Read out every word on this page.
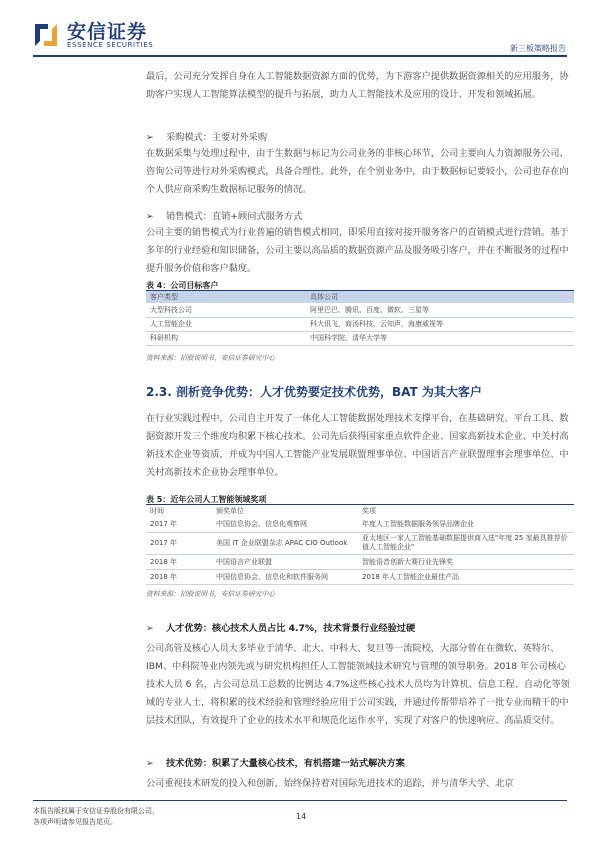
安信证券
ESSENCE SECURITIES	新三板策略报告
最后，公司充分发挥自身在人工智能数据资源方面的优势，为下游客户提供数据资源相关的应用服务，协助客户实现人工智能算法模型的提升与拓展，助力人工智能技术及应用的设计、开发和领域拓展。
➢ 采购模式：主要对外采购
在数据采集与处理过程中，由于生数据与标记为公司业务的非核心环节，公司主要向人力资源服务公司、咨询公司等进行对外采购模式，具备合理性。此外，在个别业务中，由于数据标记要较小，公司也存在向个人供应商采购生数据标记服务的情况。
➢ 销售模式：直销+顾问式服务方式
公司主要的销售模式为行业普遍的销售模式相同，即采用直接对接开服务客户的直销模式进行营销。基于多年的行业经验和知识储备，公司主要以高品质的数据资源产品及服务吸引客户，并在不断服务的过程中提升服务价值和客户黏度。
表 4：公司目标客户
客户类型	具体公司
大型科技公司	阿里巴巴、腾讯、百度、微软、三星等
人工智能企业	科大讯飞，商汤科技，云知声，海康威视等
科研机构	中国科学院、清华大学等
资料来源：招股说明书，安信证券研究中心
2.3. 剖析竞争优势：人才优势要定技术优势，BAT 为其大客户
在行业实践过程中，公司自主开发了一体化人工智能数据处理技术支撑平台，在基础研究、平台工具、数据资源开发三个维度均积累下核心技术。公司先后获得国家重点软件企业、国家高新技术企业、中关村高新技术企业等资质，并成为中国人工智能产业发展联盟理事单位、中国语言产业联盟理事会理事单位、中关村高新技术企业协会理事单位。
表 5：近年公司人工智能领域奖项
时间	颁奖单位	奖项
2017 年	中国信息协会、信息化观察网	年度人工智能数据服务领导品牌企业
2017 年	美国 IT 企业联盟杂志 APAC CIO Outlook	亚太地区一家人工智能基础数据提供商入选"年度 25 家最具推荐价值人工智能企业"
2018 年	中国语言产业联盟	智能语音创新大赛行业先锋奖
2018 年	中国信息协会、信息化和软件服务网	2018 年人工智能企业最佳产品
资料来源：招股说明书，安信证券研究中心
➢ 人才优势：核心技术人员占比 4.7%，技术背景行业经验过硬
公司高管及核心人员大多毕业于清华、北大、中科大、复旦等一流院校，大部分曾在在微软、英特尔、IBM、中科院等业内领先或与研究机构担任人工智能领域技术研究与管理的领导职务。2018 年公司核心技术人员 6 名，占公司总员工总数的比例达 4.7%这些核心技术人员均为计算机、信息工程、自动化等领域的专业人士，将积累的技术经验和管理经验应用于公司实践，并通过传帮带培养了一批专业而精干的中层技术团队，有效提升了企业的技术水平和规范化运作水平，实现了对客户的快速响应、高品质交付。
➢ 技术优势：积累了大量核心技术，有机搭建一站式解决方案
公司重视技术研发的投入和创新，始终保持着对国际先进技术的追踪，并与清华大学、北京
本报告版权属于安信证券股份有限公司，
各项声明请参见报告尾页。
14
